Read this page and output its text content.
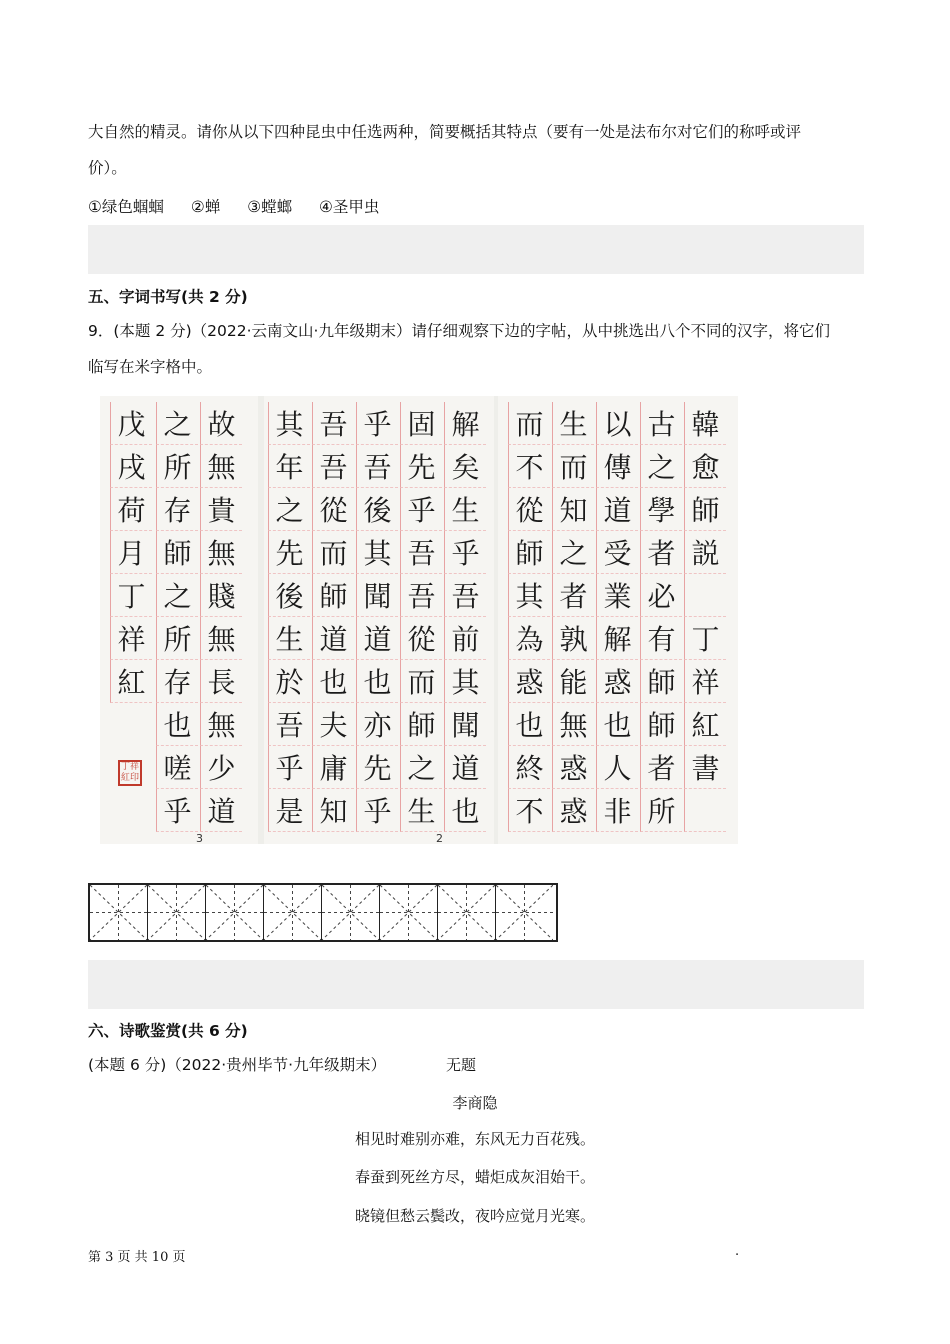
大自然的精灵。请你从以下四种昆虫中任选两种，简要概括其特点（要有一处是法布尔对它们的称呼或评
价）。
①绿色蝈蝈 ②蝉 ③螳螂 ④圣甲虫
五、字词书写(共 2 分)
9．(本题 2 分)（2022·云南文山·九年级期末）请仔细观察下边的字帖，从中挑选出八个不同的汉字，将它们
临写在米字格中。
戊
戌
荷
月
丁
祥
紅
之
所
存
師
之
所
存
也
嗟
乎
故
無
貴
無
賤
無
長
無
少
道
丁祥紅印
3
其
年
之
先
後
生
於
吾
乎
是
吾
吾
從
而
師
道
也
夫
庸
知
乎
吾
後
其
聞
道
也
亦
先
乎
固
先
乎
吾
吾
從
而
師
之
生
解
矣
生
乎
吾
前
其
聞
道
也
2
而
不
從
師
其
為
惑
也
終
不
生
而
知
之
者
孰
能
無
惑
惑
以
傳
道
受
業
解
惑
也
人
非
古
之
學
者
必
有
師
師
者
所
韓
愈
師
説
丁
祥
紅
書
六、诗歌鉴赏(共 6 分)
(本题 6 分)（2022·贵州毕节·九年级期末）	无题
李商隐
相见时难别亦难，东风无力百花残。
春蚕到死丝方尽，蜡炬成灰泪始干。
晓镜但愁云鬓改，夜吟应觉月光寒。
第 3 页 共 10 页	.
